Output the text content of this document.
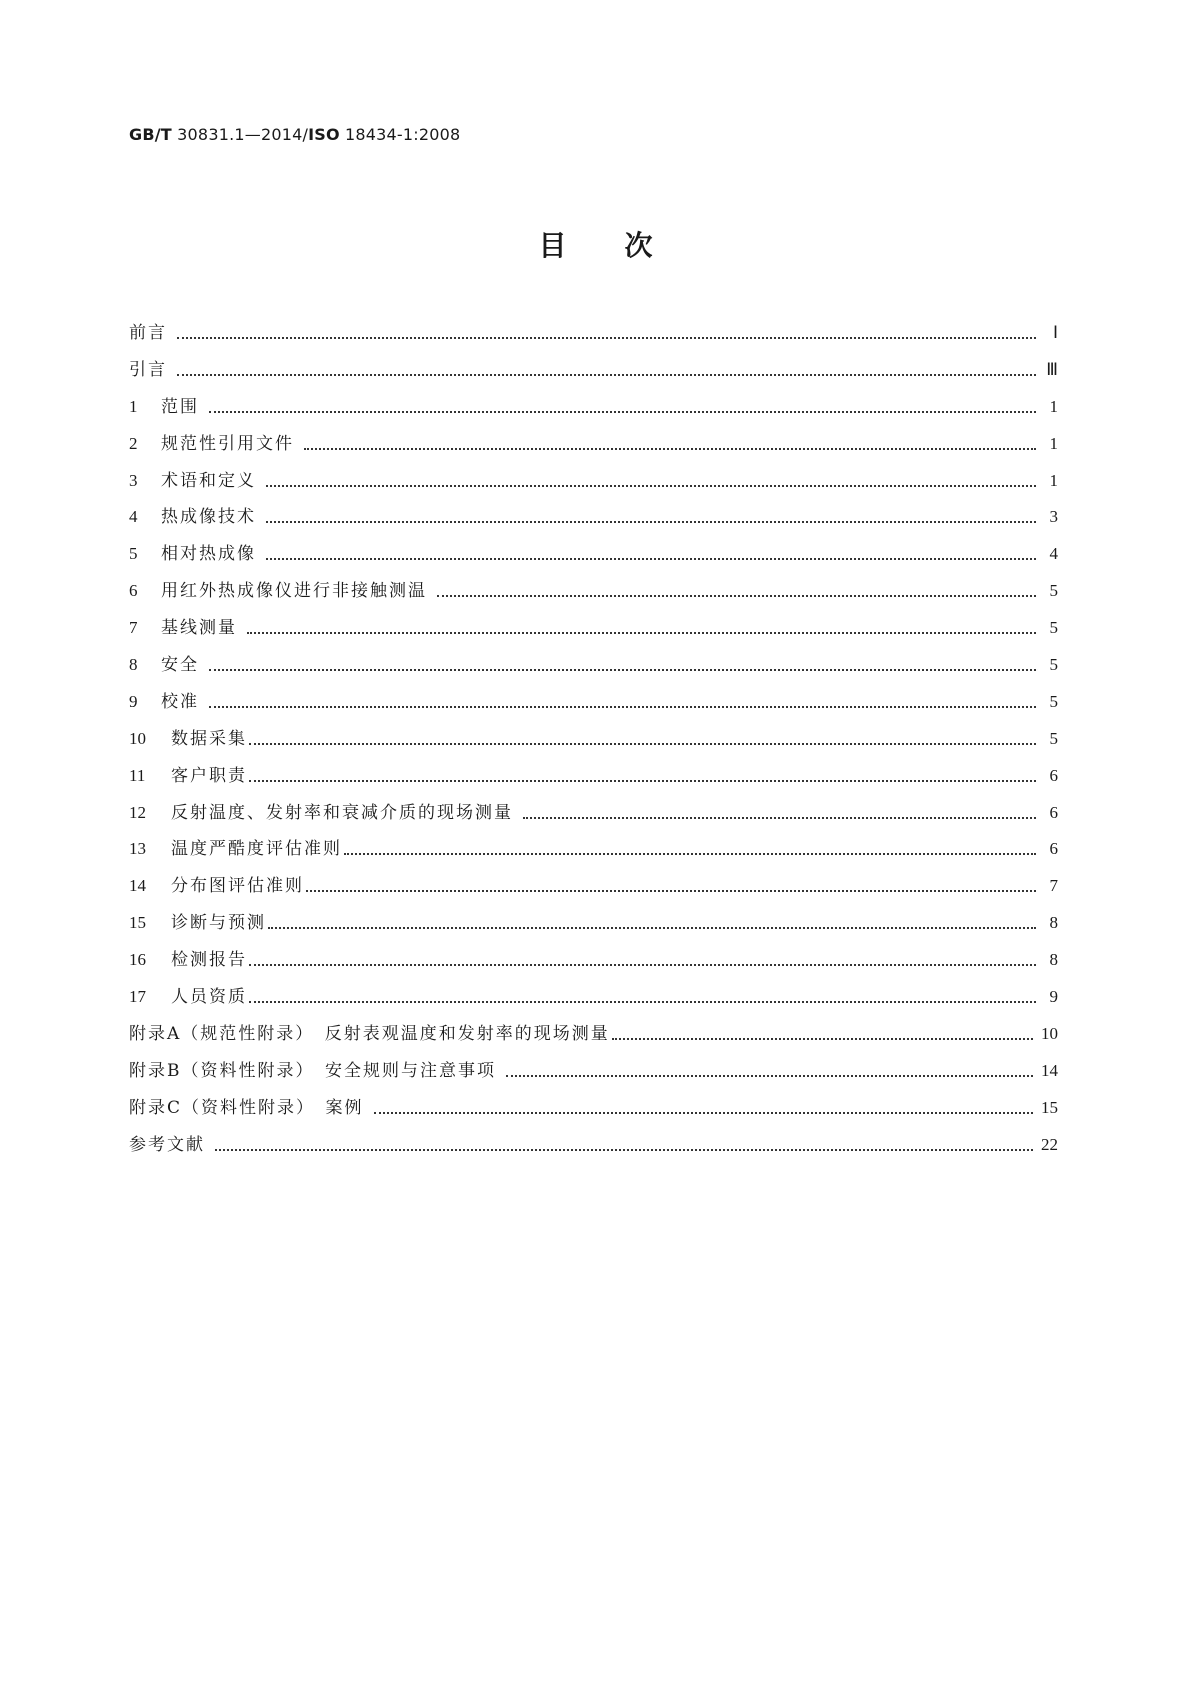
GB/T 30831.1—2014/ISO 18434-1:2008
目次
前言	Ⅰ
引言	Ⅲ
1	范围	1
2	规范性引用文件	1
3	术语和定义	1
4	热成像技术	3
5	相对热成像	4
6	用红外热成像仪进行非接触测温	5
7	基线测量	5
8	安全	5
9	校准	5
10	数据采集	5
11	客户职责	6
12	反射温度、发射率和衰减介质的现场测量	6
13	温度严酷度评估准则	6
14	分布图评估准则	7
15	诊断与预测	8
16	检测报告	8
17	人员资质	9
附录A（规范性附录）　反射表观温度和发射率的现场测量	10
附录B（资料性附录）　安全规则与注意事项	14
附录C（资料性附录）　案例	15
参考文献	22
